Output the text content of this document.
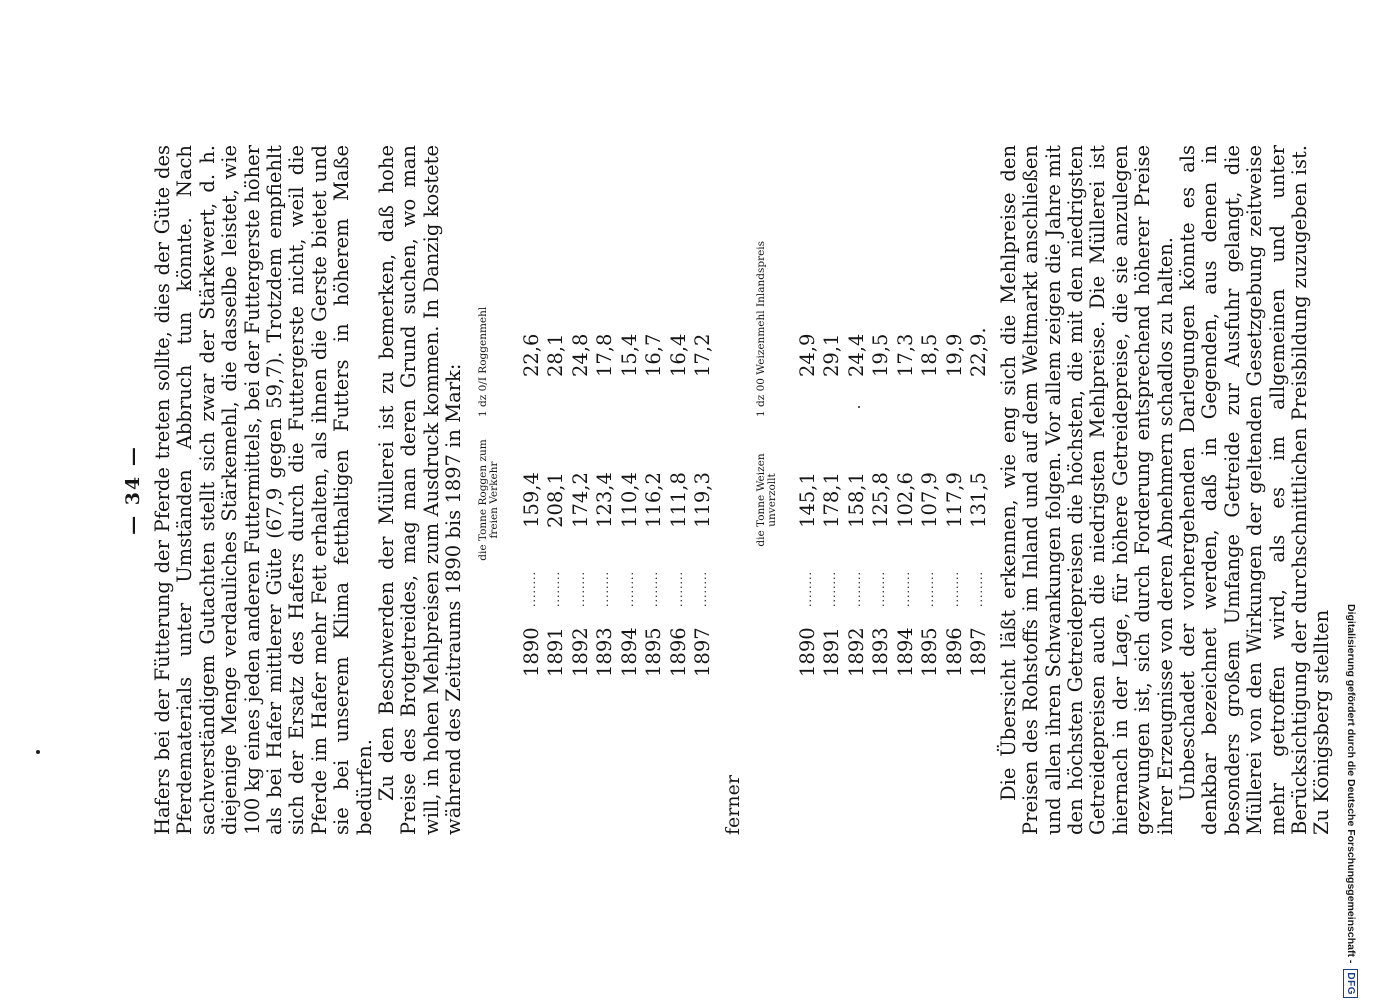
Digitalisierung gefördert durch die Deutsche Forschungsgemeinschaft -
DFG
— 34 — Hafers bei der Fütterung der Pferde treten sollte, dies der Güte des Pferdematerials unter Umständen Abbruch tun könnte. Nach sachverständigem Gutachten stellt sich zwar der Stärkewert, d. h. diejenige Menge verdauliches Stärkemehl, die dasselbe leistet, wie 100 kg eines jeden anderen Futtermittels, bei der Futtergerste höher als bei Hafer mittlerer Güte (67,9 gegen 59,7). Trotzdem empfiehlt sich der Ersatz des Hafers durch die Futtergerste nicht, weil die Pferde im Hafer mehr Fett erhalten, als ihnen die Gerste bietet und sie bei unserem Klima fetthaltigen Futters in höherem Maße bedürfen. Zu den Beschwerden der Müllerei ist zu bemerken, daß hohe Preise des Brotgetreides, mag man deren Grund suchen, wo man will, in hohen Mehlpreisen zum Ausdruck kommen. In Danzig kostete während des Zeitraums 1890 bis 1897 in Mark: die Tonne Roggen zum freien Verkehr
1 dz 0/I Roggenmehl
1890
........
159,4
22,6
1891
........
208,1
28,1
1892
........
174,2
24,8
1893
........
123,4
17,8
1894
........
110,4
15,4
1895
........
116,2
16,7
1896
........
111,8
16,4
1897
........
119,3
17,2
ferner
die Tonne Weizen unverzollt
1 dz 00 Weizenmehl Inlandspreis
1890
........
145,1
24,9
1891
........
178,1
29,1
1892
........
158,1
24,4
1893
........
125,8
19,5
1894
........
102,6
17,3
1895
........
107,9
18,5
1896
........
117,9
19,9
1897
........
131,5
22,9. Die Übersicht läßt erkennen, wie eng sich die Mehlpreise den Preisen des Rohstoffs im Inland und auf dem Weltmarkt anschließen und allen ihren Schwankungen folgen. Vor allem zeigen die Jahre mit den höchsten Getreidepreisen die höchsten, die mit den niedrigsten Getreidepreisen auch die niedrigsten Mehlpreise. Die Müllerei ist hiernach in der Lage, für höhere Getreidepreise, die sie anzulegen gezwungen ist, sich durch Forderung entsprechend höherer Preise ihrer Erzeugnisse von deren Abnehmern schadlos zu halten. Unbeschadet der vorhergehenden Darlegungen könnte es als denkbar bezeichnet werden, daß in Gegenden, aus denen in besonders großem Umfange Getreide zur Ausfuhr gelangt, die Müllerei von den Wirkungen der geltenden Gesetzgebung zeitweise mehr getroffen wird, als es im allgemeinen und unter Berücksichtigung der durchschnittlichen Preisbildung zuzugeben ist. Zu Königsberg stellten
